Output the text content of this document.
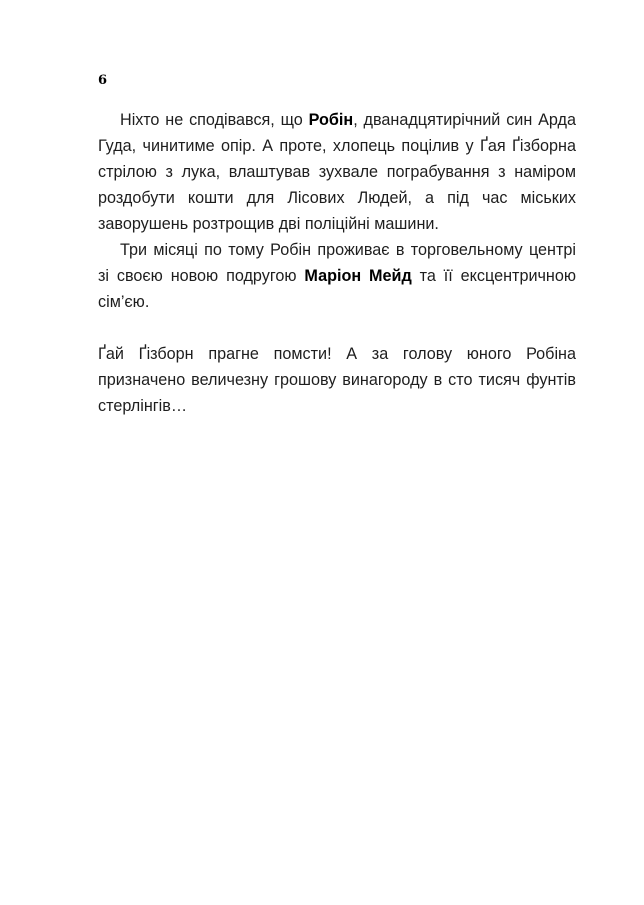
6

Ніхто не сподівався, що Робін, дванадцятирічний син Арда Гуда, чинитиме опір. А проте, хлопець поцілив у Ґая Ґізборна стрілою з лука, влаштував зухвале пограбування з наміром роздобути кошти для Лісових Людей, а під час міських заворушень розтрощив дві поліційні машини.

Три місяці по тому Робін проживає в торговельному центрі зі своєю новою подругою Маріон Мейд та її ексцентричною сім’єю.

Ґай Ґізборн прагне помсти! А за голову юного Робіна призначено величезну грошову винагороду в сто тисяч фунтів стерлінгів…
